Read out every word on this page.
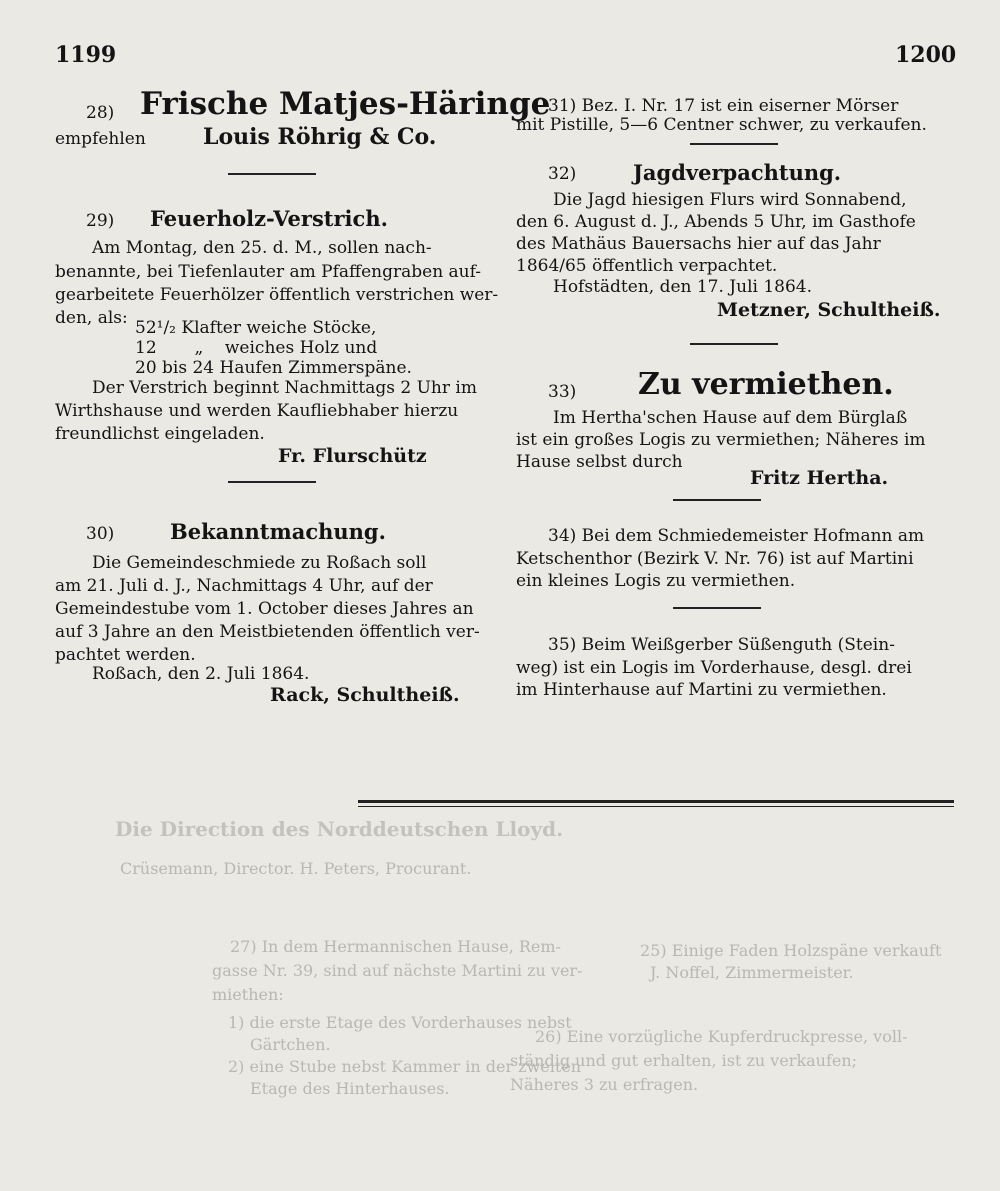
Die Direction des Norddeutschen Lloyd.
Crüsemann, Director. H. Peters, Procurant.
27) In dem Hermannischen Hause, Rem-
gasse Nr. 39, sind auf nächste Martini zu ver-
miethen:
1) die erste Etage des Vorderhauses nebst
Gärtchen.
2) eine Stube nebst Kammer in der zweiten
Etage des Hinterhauses.
25) Einige Faden Holzspäne verkauft
J. Noffel, Zimmermeister.
26) Eine vorzügliche Kupferdruckpresse, voll-
ständig und gut erhalten, ist zu verkaufen;
Näheres 3 zu erfragen.
1199	1200
28) Frische Matjes-Häringe
empfehlen	Louis Röhrig & Co.
29) Feuerholz-Verstrich.
Am Montag, den 25. d. M., sollen nach-
benannte, bei Tiefenlauter am Pfaffengraben auf-
gearbeitete Feuerhölzer öffentlich verstrichen wer-
den, als: 52¹/₂ Klafter weiche Stöcke,
12       „    weiches Holz und
20 bis 24 Haufen Zimmerspäne.
Der Verstrich beginnt Nachmittags 2 Uhr im
Wirthshause und werden Kaufliebhaber hierzu
freundlichst eingeladen.
Fr. Flurschütz
30)	Bekanntmachung.
Die Gemeindeschmiede zu Roßach soll
am 21. Juli d. J., Nachmittags 4 Uhr, auf der
Gemeindestube vom 1. October dieses Jahres an
auf 3 Jahre an den Meistbietenden öffentlich ver-
pachtet werden.
Roßach, den 2. Juli 1864.
Rack, Schultheiß.
31) Bez. I. Nr. 17 ist ein eiserner Mörser
mit Pistille, 5—6 Centner schwer, zu verkaufen.
32)	Jagdverpachtung.
Die Jagd hiesigen Flurs wird Sonnabend,
den 6. August d. J., Abends 5 Uhr, im Gasthofe
des Mathäus Bauersachs hier auf das Jahr
1864/65 öffentlich verpachtet.
Hofstädten, den 17. Juli 1864.
Metzner, Schultheiß.
33) Zu vermiethen.
Im Hertha'schen Hause auf dem Bürglaß
ist ein großes Logis zu vermiethen; Näheres im
Hause selbst durch
Fritz Hertha.
34) Bei dem Schmiedemeister Hofmann am
Ketschenthor (Bezirk V. Nr. 76) ist auf Martini
ein kleines Logis zu vermiethen.
35) Beim Weißgerber Süßenguth (Stein-
weg) ist ein Logis im Vorderhause, desgl. drei
im Hinterhause auf Martini zu vermiethen.
